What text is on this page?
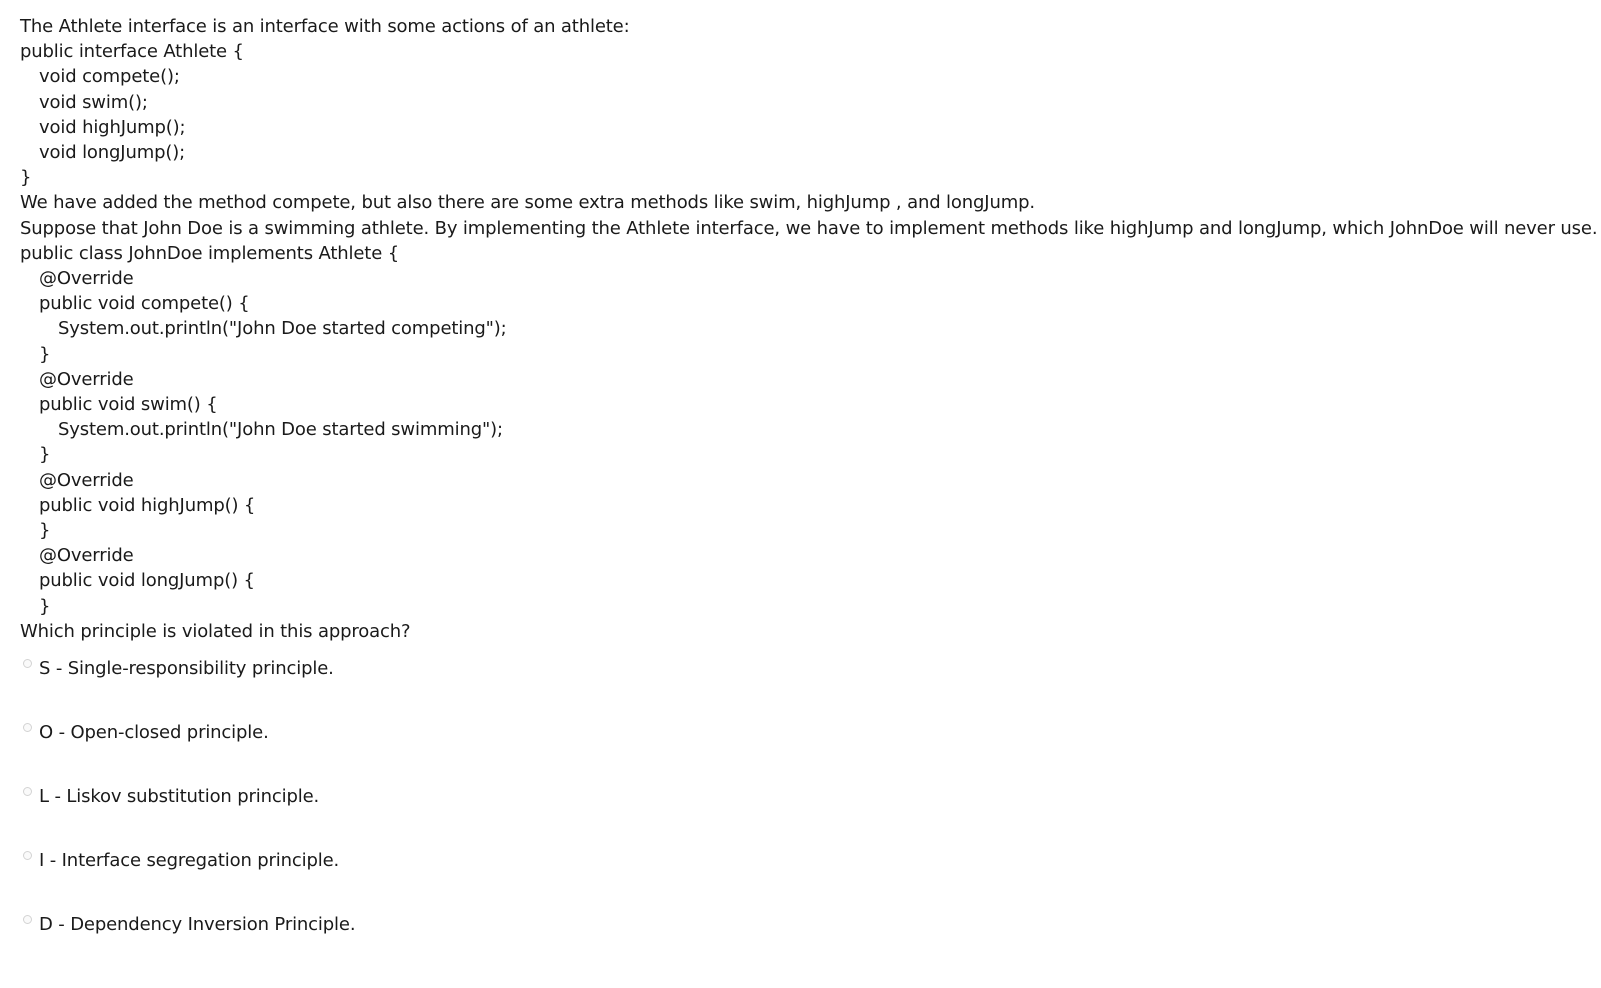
The Athlete interface is an interface with some actions of an athlete:
public interface Athlete {
void compete();
void swim();
void highJump();
void longJump();
}
We have added the method compete, but also there are some extra methods like swim, highJump , and longJump.
Suppose that John Doe is a swimming athlete. By implementing the Athlete interface, we have to implement methods like highJump and longJump, which JohnDoe will never use.
public class JohnDoe implements Athlete {
@Override
public void compete() {
System.out.println("John Doe started competing");
}
@Override
public void swim() {
System.out.println("John Doe started swimming");
}
@Override
public void highJump() {
}
@Override
public void longJump() {
}
Which principle is violated in this approach?
S - Single-responsibility principle.
O - Open-closed principle.
L - Liskov substitution principle.
I - Interface segregation principle.
D - Dependency Inversion Principle.
